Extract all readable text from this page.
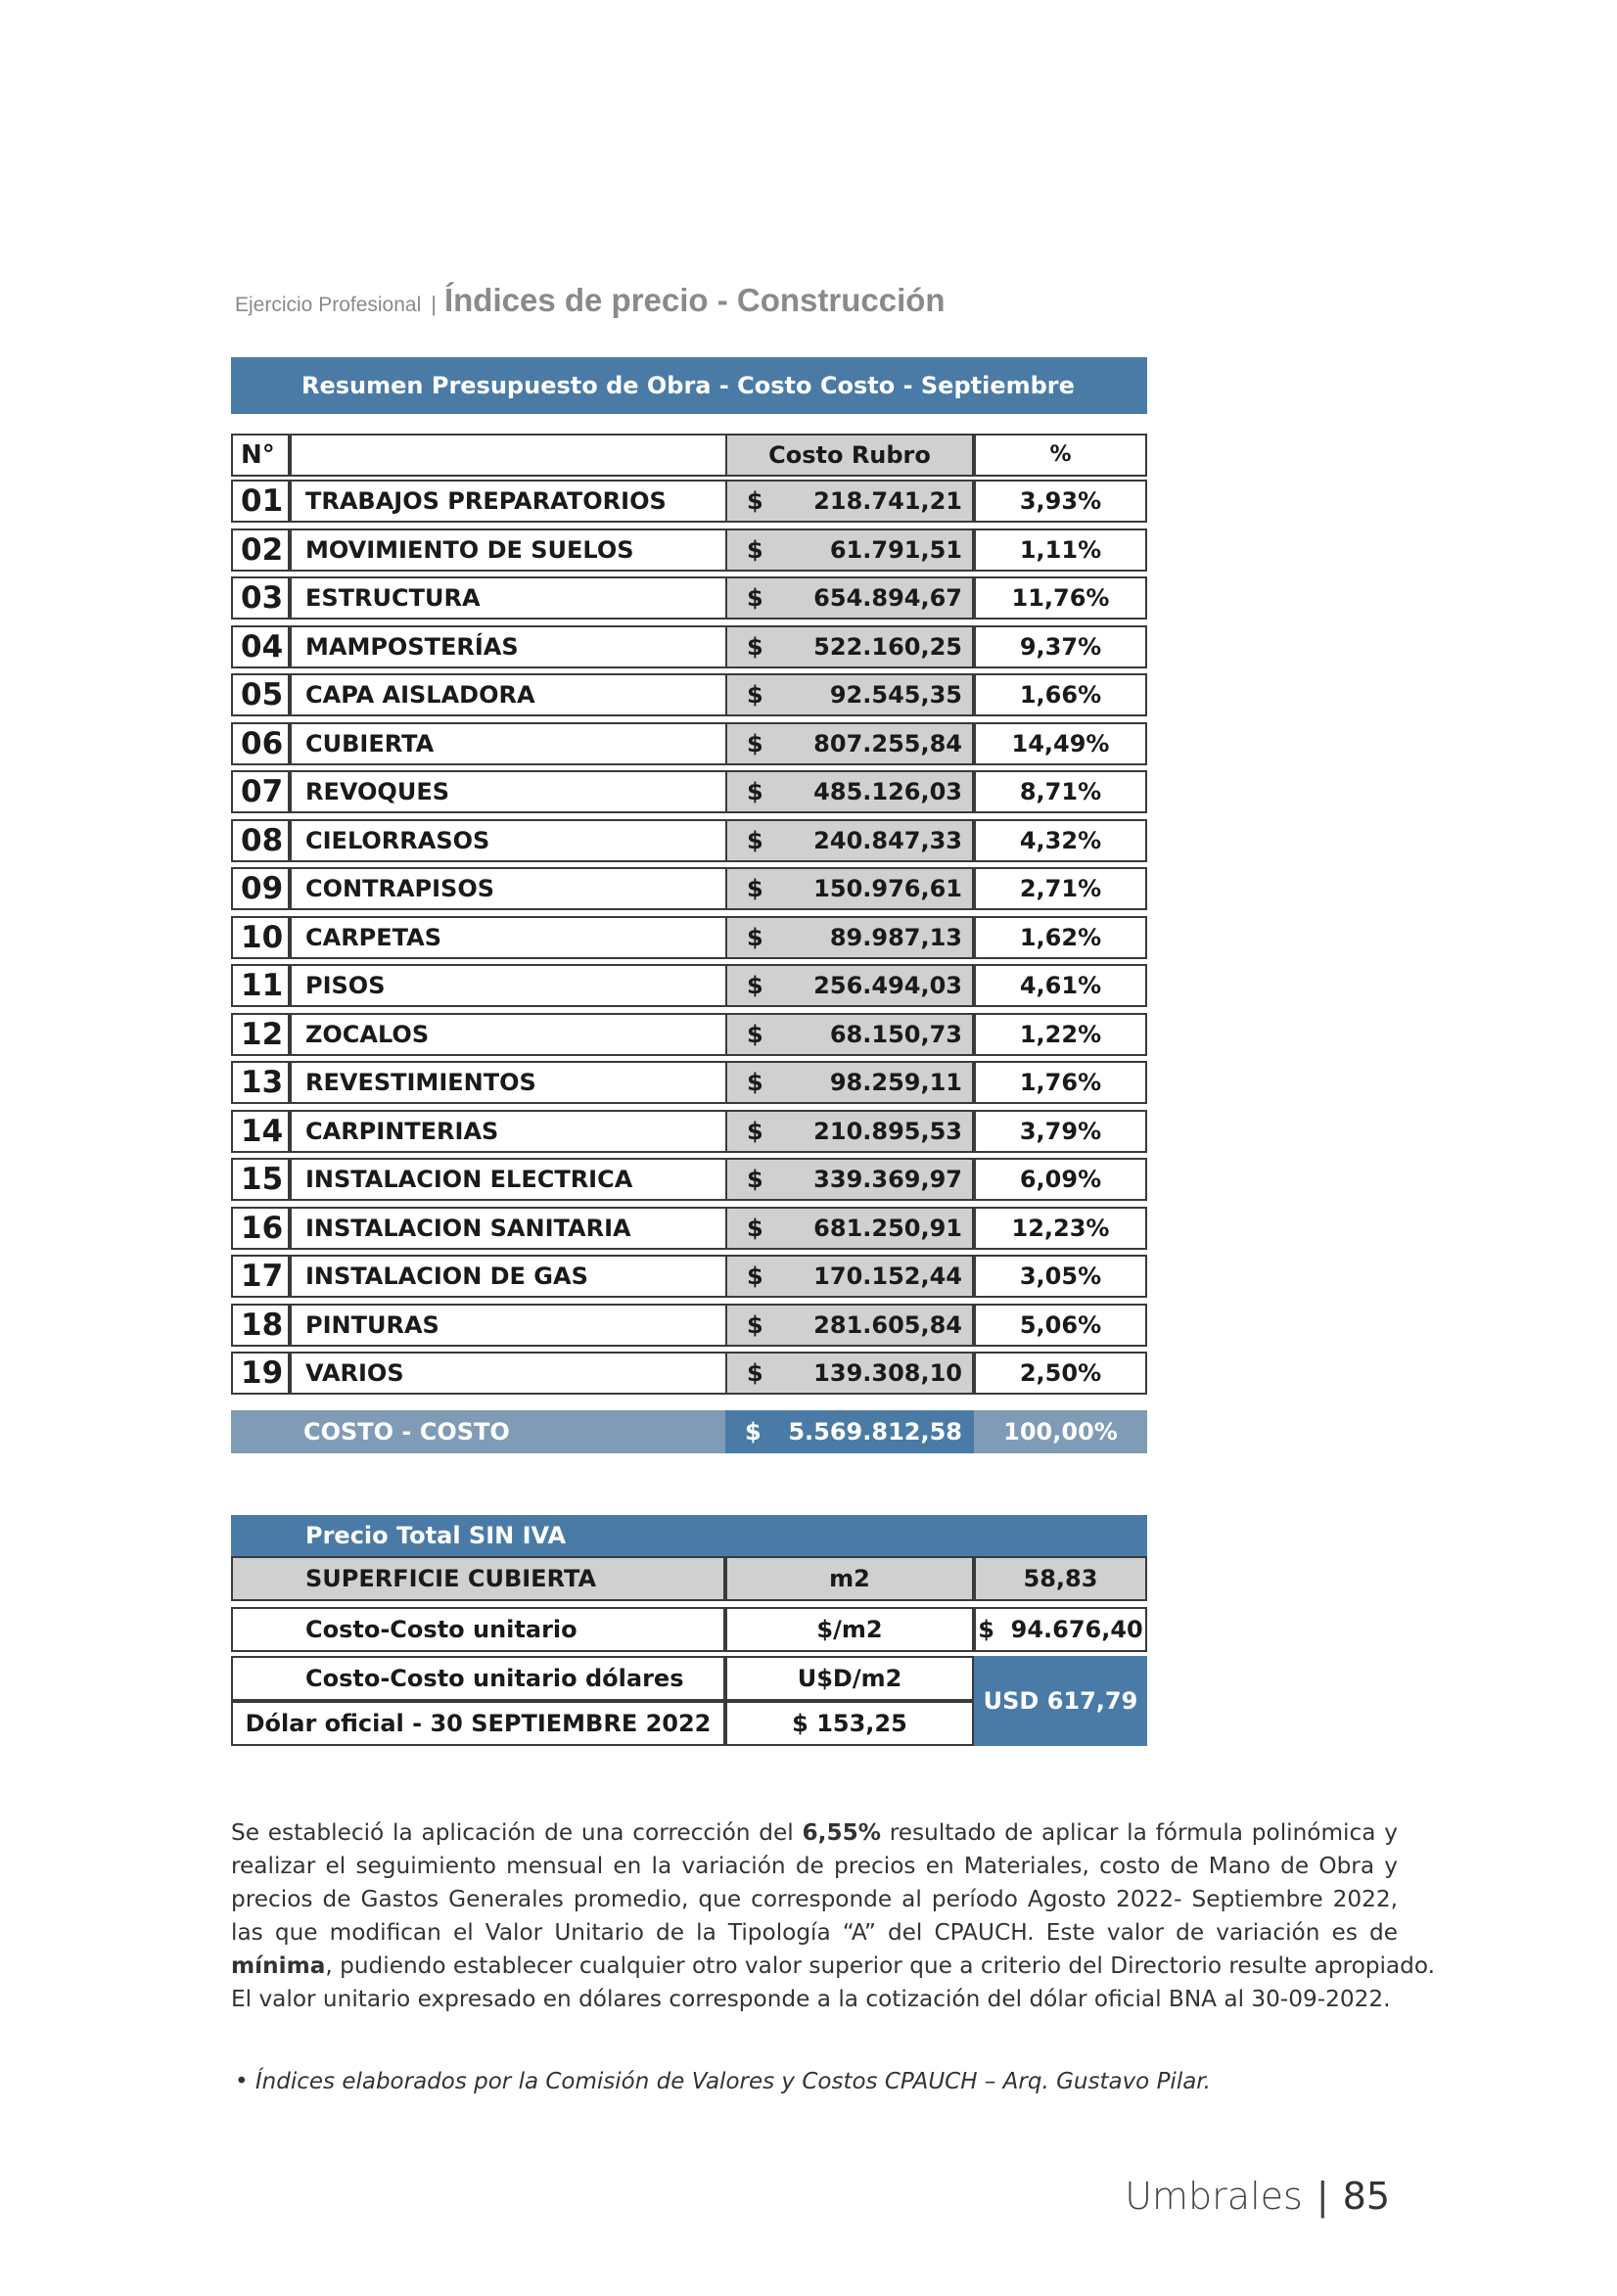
Ejercicio Profesional | Índices de precio - Construcción
Resumen Presupuesto de Obra - Costo Costo - Septiembre
N°	Costo Rubro	%
01 TRABAJOS PREPARATORIOS	$ 218.741,21	3,93%
02 MOVIMIENTO DE SUELOS	$	61.791,51	1,11%
03 ESTRUCTURA	$ 654.894,67	11,76%
04 MAMPOSTERÍAS	$ 522.160,25	9,37%
05 CAPA AISLADORA	$	92.545,35	1,66%
06 CUBIERTA	$ 807.255,84	14,49%
07 REVOQUES	$ 485.126,03	8,71%
08 CIELORRASOS	$ 240.847,33	4,32%
09 CONTRAPISOS	$ 150.976,61	2,71%
10 CARPETAS	$	89.987,13	1,62%
11 PISOS	$ 256.494,03	4,61%
12 ZOCALOS	$	68.150,73	1,22%
13 REVESTIMIENTOS	$	98.259,11	1,76%
14 CARPINTERIAS	$ 210.895,53	3,79%
15 INSTALACION ELECTRICA	$ 339.369,97	6,09%
16 INSTALACION SANITARIA	$ 681.250,91	12,23%
17 INSTALACION DE GAS	$ 170.152,44	3,05%
18 PINTURAS	$ 281.605,84	5,06%
19 VARIOS	$ 139.308,10	2,50%
COSTO - COSTO	$ 5.569.812,58	100,00%
Precio Total SIN IVA
SUPERFICIE CUBIERTA	m2	58,83
Costo-Costo unitario	$/m2	$  94.676,40
Costo-Costo unitario dólares	U$D/m2
Dólar oficial - 30 SEPTIEMBRE 2022	$ 153,25
USD 617,79
Se estableció la aplicación de una corrección del 6,55% resultado de aplicar la fórmula polinómica y
realizar el seguimiento mensual en la variación de precios en Materiales, costo de Mano de Obra y
precios de Gastos Generales promedio, que corresponde al período Agosto 2022- Septiembre 2022,
las que modifican el Valor Unitario de la Tipología “A” del CPAUCH. Este valor de variación es de
mínima, pudiendo establecer cualquier otro valor superior que a criterio del Directorio resulte apropiado.
El valor unitario expresado en dólares corresponde a la cotización del dólar oficial BNA al 30-09-2022.
• Índices elaborados por la Comisión de Valores y Costos CPAUCH – Arq. Gustavo Pilar.
Umbrales | 85
